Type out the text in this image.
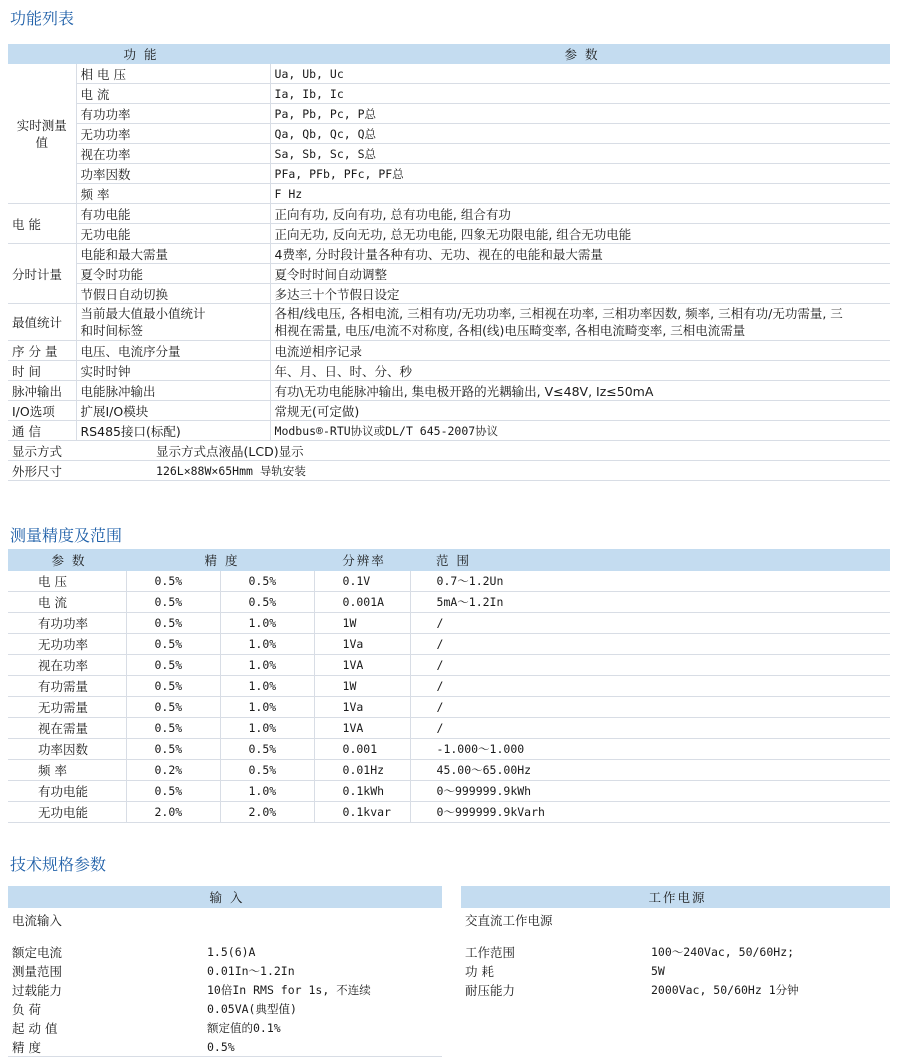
功能列表
功 能	参 数
实时测量值	相 电 压	Ua, Ub, Uc
电 流	Ia, Ib, Ic
有功功率	Pa, Pb, Pc, P总
无功功率	Qa, Qb, Qc, Q总
视在功率	Sa, Sb, Sc, S总
功率因数	PFa, PFb, PFc, PF总
频 率	F Hz
电 能	有功电能	正向有功, 反向有功, 总有功电能, 组合有功
无功电能	正向无功, 反向无功, 总无功电能, 四象无功限电能, 组合无功电能
分时计量	电能和最大需量	4费率, 分时段计量各种有功、无功、视在的电能和最大需量
夏令时功能	夏令时时间自动调整
节假日自动切换	多达三十个节假日设定
最值统计	当前最大值最小值统计和时间标签	各相/线电压, 各相电流, 三相有功/无功功率, 三相视在功率, 三相功率因数, 频率, 三相有功/无功需量, 三相视在需量, 电压/电流不对称度, 各相(线)电压畸变率, 各相电流畸变率, 三相电流需量
序 分 量	电压、电流序分量	电流逆相序记录
时 间	实时时钟	年、月、日、时、分、秒
脉冲输出	电能脉冲输出	有功\无功电能脉冲输出, 集电极开路的光耦输出, V≤48V, Iz≤50mA
I/O选项	扩展I/O模块	常规无(可定做)
通 信	RS485接口(标配)	Modbus®-RTU协议或DL/T 645-2007协议
显示方式	显示方式点液晶(LCD)显示
外形尺寸	126L×88W×65Hmm 导轨安装
测量精度及范围
参 数	精 度		分辨率	范 围
电 压	0.5%	0.5%	0.1V	0.7～1.2Un
电 流	0.5%	0.5%	0.001A	5mA～1.2In
有功功率	0.5%	1.0%	1W	/
无功功率	0.5%	1.0%	1Va	/
视在功率	0.5%	1.0%	1VA	/
有功需量	0.5%	1.0%	1W	/
无功需量	0.5%	1.0%	1Va	/
视在需量	0.5%	1.0%	1VA	/
功率因数	0.5%	0.5%	0.001	-1.000～1.000
频 率	0.2%	0.5%	0.01Hz	45.00～65.00Hz
有功电能	0.5%	1.0%	0.1kWh	0～999999.9kWh
无功电能	2.0%	2.0%	0.1kvar	0～999999.9kVarh
技术规格参数
输 入	
电流输入	

额定电流	1.5(6)A
测量范围	0.01In～1.2In
过载能力	10倍In RMS for 1s, 不连续
负 荷	0.05VA(典型值)
起 动 值	额定值的0.1%
精 度	0.5%
工作电源	
交直流工作电源	

工作范围	100～240Vac, 50/60Hz;
功 耗	5W
耐压能力	2000Vac, 50/60Hz 1分钟
